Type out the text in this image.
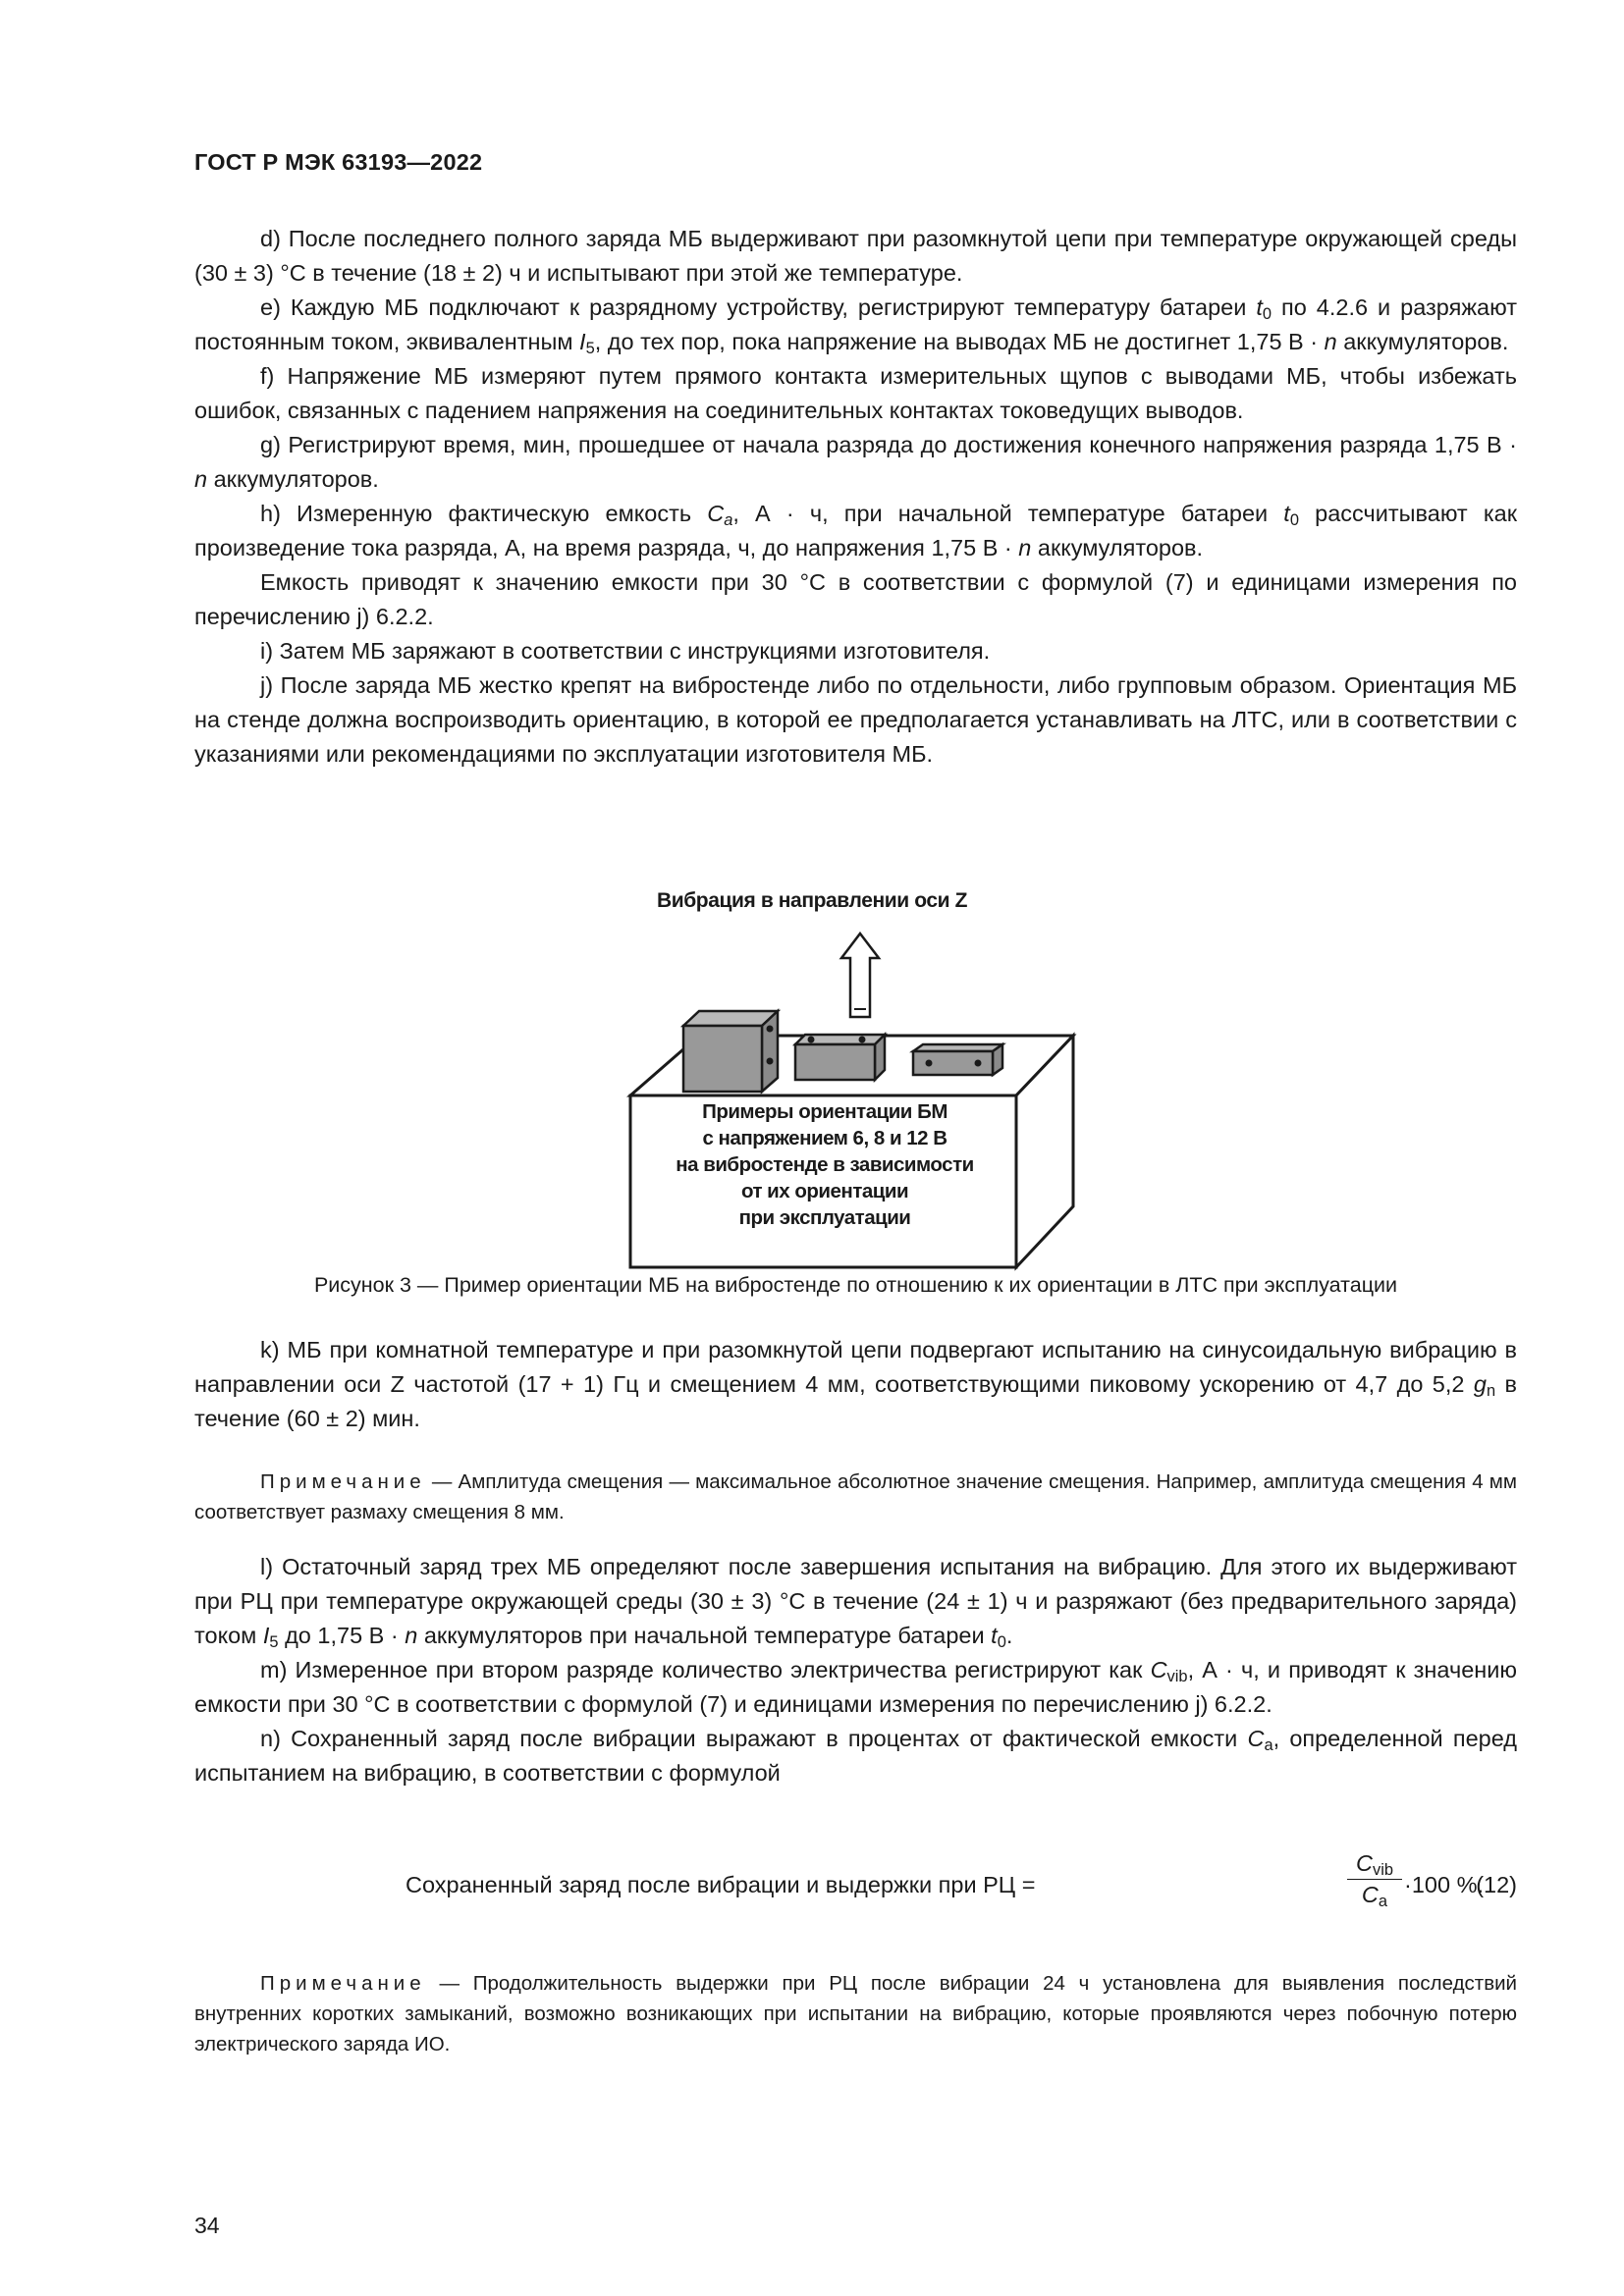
ГОСТ Р МЭК 63193—2022

d) После последнего полного заряда МБ выдерживают при разомкнутой цепи при температуре окружающей среды (30 ± 3) °С в течение (18 ± 2) ч и испытывают при этой же температуре.

e) Каждую МБ подключают к разрядному устройству, регистрируют температуру батареи $t_0$ по 4.2.6 и разряжают постоянным током, эквивалентным $I_5$, до тех пор, пока напряжение на выводах МБ не достигнет 1,75 В · n аккумуляторов.

f) Напряжение МБ измеряют путем прямого контакта измерительных щупов с выводами МБ, чтобы избежать ошибок, связанных с падением напряжения на соединительных контактах токоведущих выводов.

g) Регистрируют время, мин, прошедшее от начала разряда до достижения конечного напряжения разряда 1,75 В · n аккумуляторов.

h) Измеренную фактическую емкость $C_a$, А · ч, при начальной температуре батареи $t_0$ рассчитывают как произведение тока разряда, А, на время разряда, ч, до напряжения 1,75 В · n аккумуляторов.

Емкость приводят к значению емкости при 30 °С в соответствии с формулой (7) и единицами измерения по перечислению j) 6.2.2.

i) Затем МБ заряжают в соответствии с инструкциями изготовителя.

j) После заряда МБ жестко крепят на вибростенде либо по отдельности, либо групповым образом. Ориентация МБ на стенде должна воспроизводить ориентацию, в которой ее предполагается устанавливать на ЛТС, или в соответствии с указаниями или рекомендациями по эксплуатации изготовителя МБ.

Вибрация в направлении оси Z
Примеры ориентации БМ
с напряжением 6, 8 и 12 В
на вибростенде в зависимости
от их ориентации
при эксплуатации
Рисунок 3 — Пример ориентации МБ на вибростенде по отношению к их ориентации в ЛТС при эксплуатации

k) МБ при комнатной температуре и при разомкнутой цепи подвергают испытанию на синусоидальную вибрацию в направлении оси Z частотой (17 + 1) Гц и смещением 4 мм, соответствующими пиковому ускорению от 4,7 до 5,2 $g_n$ в течение (60 ± 2) мин.

Примечание — Амплитуда смещения — максимальное абсолютное значение смещения. Например, амплитуда смещения 4 мм соответствует размаху смещения 8 мм.

l) Остаточный заряд трех МБ определяют после завершения испытания на вибрацию. Для этого их выдерживают при РЦ при температуре окружающей среды (30 ± 3) °С в течение (24 ± 1) ч и разряжают (без предварительного заряда) током $I_5$ до 1,75 В · n аккумуляторов при начальной температуре батареи $t_0$.

m) Измеренное при втором разряде количество электричества регистрируют как $C_{vib}$, А · ч, и приводят к значению емкости при 30 °С в соответствии с формулой (7) и единицами измерения по перечислению j) 6.2.2.

n) Сохраненный заряд после вибрации выражают в процентах от фактической емкости $C_a$, определенной перед испытанием на вибрацию, в соответствии с формулой

Сохраненный заряд после вибрации и выдержки при РЦ =
$C_{vib}$
$C_a$
·100 %.
(12)

Примечание — Продолжительность выдержки при РЦ после вибрации 24 ч установлена для выявления последствий внутренних коротких замыканий, возможно возникающих при испытании на вибрацию, которые проявляются через побочную потерю электрического заряда ИО.

34
